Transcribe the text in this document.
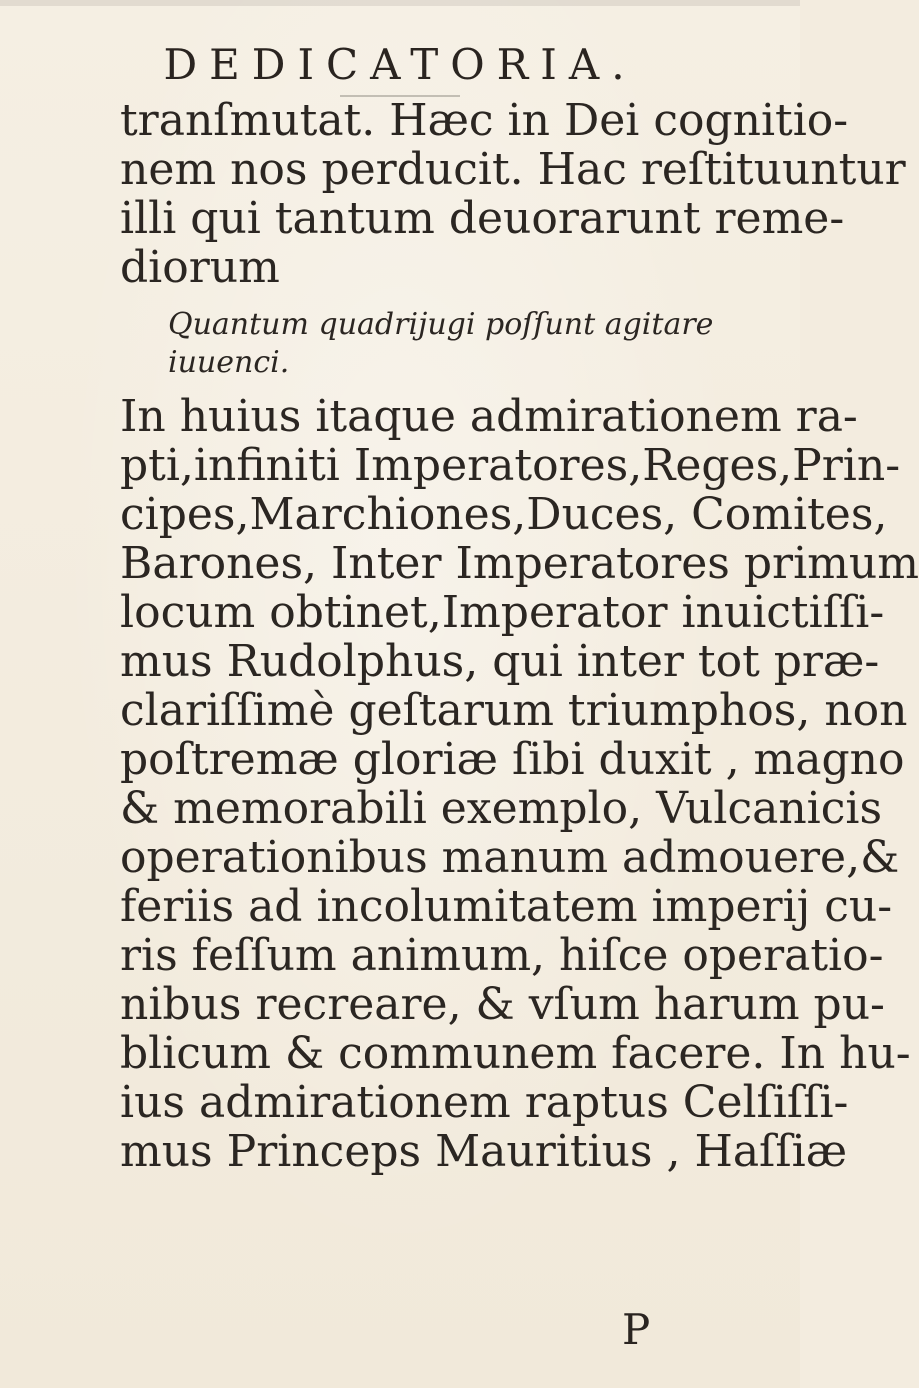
DEDICATORIA.
tranſmutat. Hæc in Dei cognitio-
nem nos perducit. Hac reſtituuntur
illi qui tantum deuorarunt reme-
diorum
Quantum quadrijugi poſſunt agitare
iuuenci.
In huius itaque admirationem ra-
pti,infiniti Imperatores,Reges,Prin-
cipes,Marchiones,Duces, Comites,
Barones, Inter Imperatores primum
locum obtinet,Imperator inuictiſſi-
mus Rudolphus, qui inter tot præ-
clariſſimè geſtarum triumphos, non
poſtremæ gloriæ ſibi duxit , magno
& memorabili exemplo, Vulcanicis
operationibus manum admouere,&
feriis ad incolumitatem imperij cu-
ris feſſum animum, hiſce operatio-
nibus recreare, & vſum harum pu-
blicum & communem facere. In hu-
ius admirationem raptus Celſiſſi-
mus Princeps Mauritius , Haſſiæ
P
